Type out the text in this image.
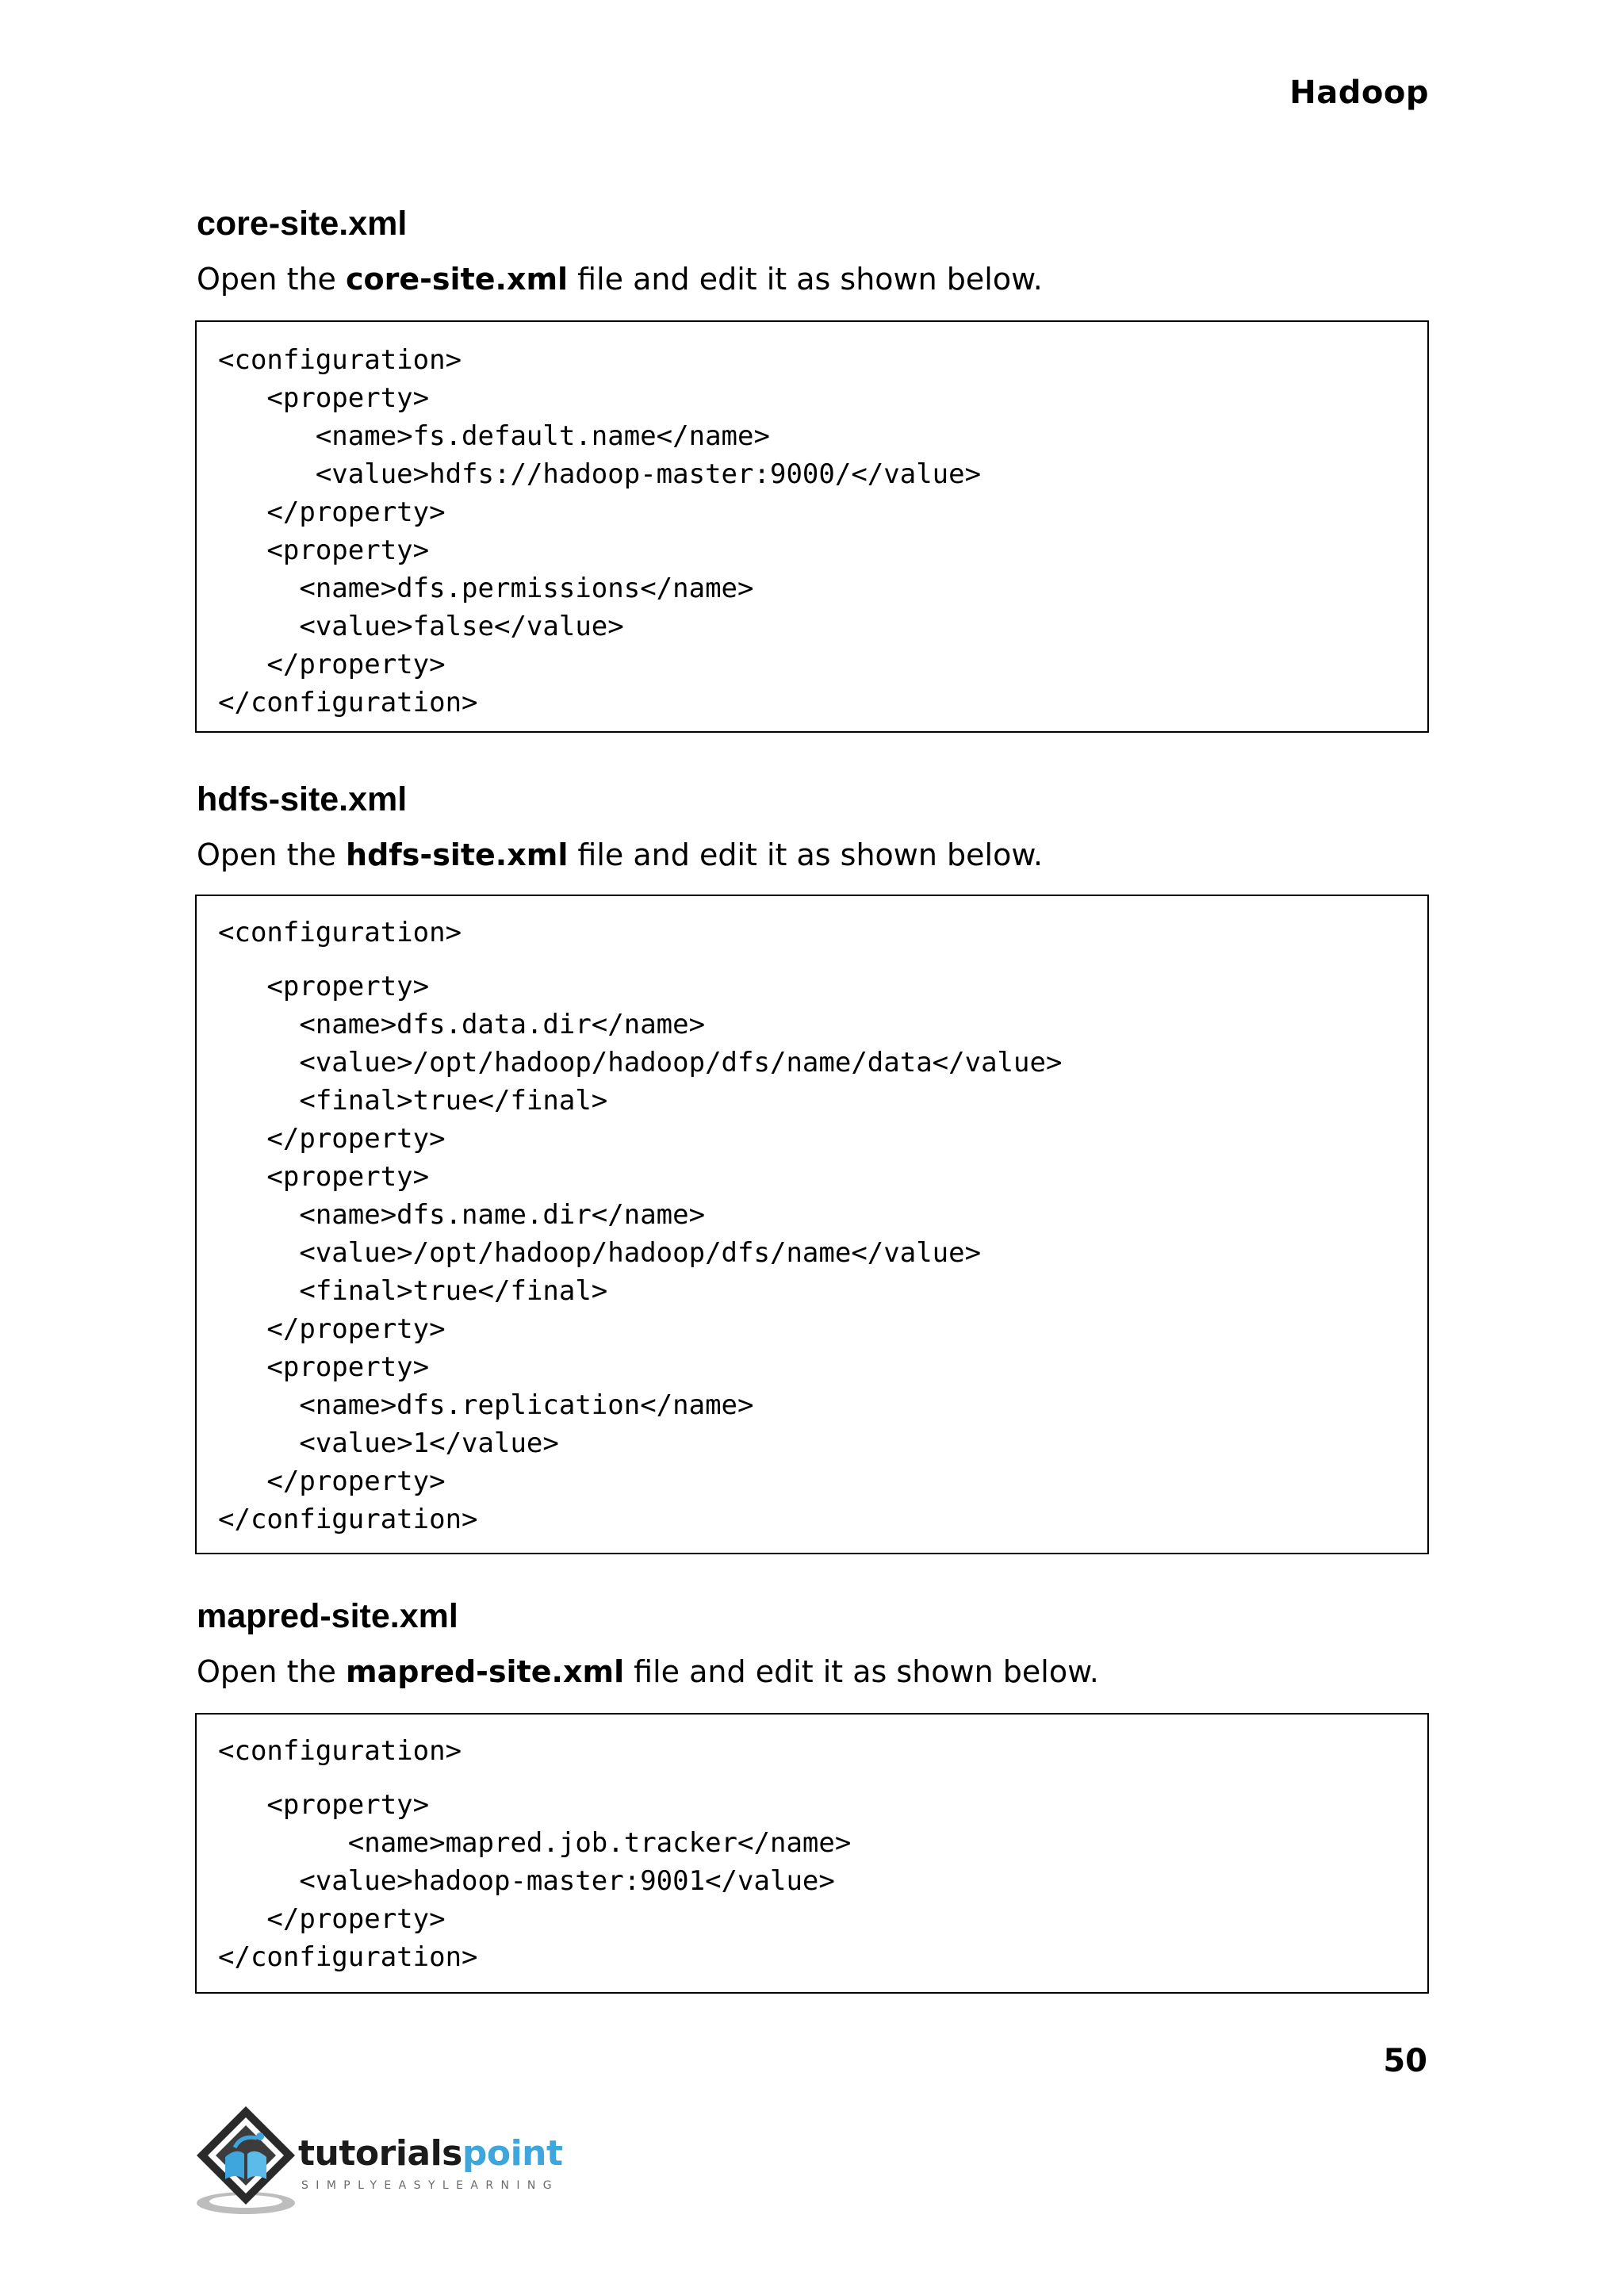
Hadoop
core-site.xml

Open the core-site.xml file and edit it as shown below.

<configuration>
<property>
<name>fs.default.name</name>
<value>hdfs://hadoop-master:9000/</value>
</property>
<property>
<name>dfs.permissions</name>
<value>false</value>
</property>
</configuration>
hdfs-site.xml

Open the hdfs-site.xml file and edit it as shown below.

<configuration>
<property>
<name>dfs.data.dir</name>
<value>/opt/hadoop/hadoop/dfs/name/data</value>
<final>true</final>
</property>
<property>
<name>dfs.name.dir</name>
<value>/opt/hadoop/hadoop/dfs/name</value>
<final>true</final>
</property>
<property>
<name>dfs.replication</name>
<value>1</value>
</property>
</configuration>
mapred-site.xml

Open the mapred-site.xml file and edit it as shown below.

<configuration>
<property>
<name>mapred.job.tracker</name>
<value>hadoop-master:9001</value>
</property>
</configuration>
50
tutorialspoint
SIMPLYEASYLEARNING
